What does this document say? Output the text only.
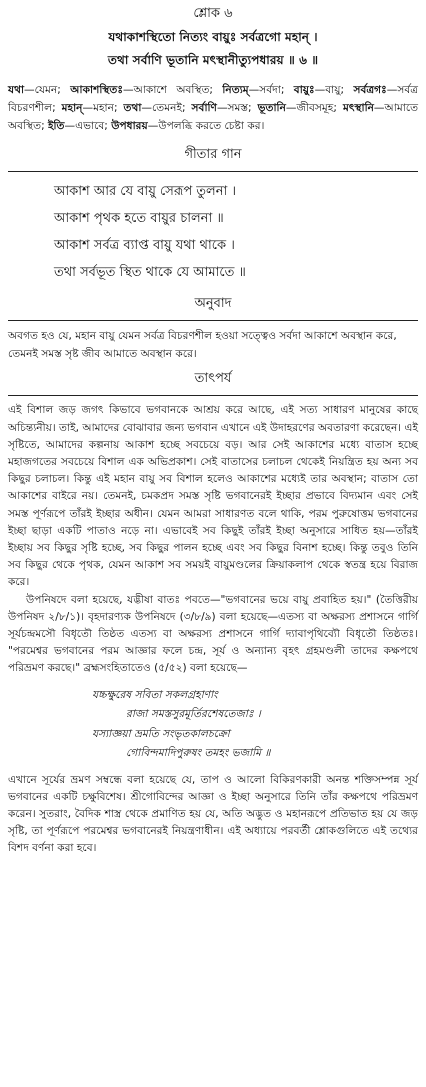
শ্লোক ৬

যথাকাশস্থিতো নিত্যং বায়ুঃ সর্বত্রগো মহান্ ।

তথা সর্বাণি ভূতানি মৎস্থানীত্যুপধারয় ॥ ৬ ॥

যথা—যেমন; আকাশস্থিতঃ—আকাশে অবস্থিত; নিত্যম্—সর্বদা; বায়ুঃ—বায়ু; সর্বত্রগঃ—সর্বত্র বিচরণশীল; মহান্—মহান; তথা—তেমনই; সর্বাণি—সমস্ত; ভূতানি—জীবসমূহ; মৎস্থানি—আমাতে অবস্থিত; ইতি—এভাবে; উপধারয়—উপলব্ধি করতে চেষ্টা কর।

গীতার গান

আকাশ আর যে বায়ু সেরূপ তুলনা ।
আকাশ পৃথক হতে বায়ুর চালনা ॥
আকাশ সর্বত্র ব্যাপ্ত বায়ু যথা থাকে ।
তথা সর্বভূত স্থিত থাকে যে আমাতে ॥

অনুবাদ

অবগত হও যে, মহান বায়ু যেমন সর্বত্র বিচরণশীল হওয়া সত্ত্বেও সর্বদা আকাশে অবস্থান করে, তেমনই সমস্ত সৃষ্ট জীব আমাতে অবস্থান করে।

তাৎপর্য

এই বিশাল জড় জগৎ কিভাবে ভগবানকে আশ্রয় করে আছে, এই সত্য সাধারণ মানুষের কাছে অচিন্ত্যনীয়। তাই, আমাদের বোঝাবার জন্য ভগবান এখানে এই উদাহরণের অবতারণা করেছেন। এই সৃষ্টিতে, আমাদের কল্পনায় আকাশ হচ্ছে সবচেয়ে বড়। আর সেই আকাশের মধ্যে বাতাস হচ্ছে মহাজগতের সবচেয়ে বিশাল এক অভিপ্রকাশ। সেই বাতাসের চলাচল থেকেই নিয়ন্ত্রিত হয় অন্য সব কিছুর চলাচল। কিন্তু এই মহান বায়ু সব বিশাল হলেও আকাশের মধ্যেই তার অবস্থান; বাতাস তো আকাশের বাইরে নয়। তেমনই, চমকপ্রদ সমস্ত সৃষ্টি ভগবানেরই ইচ্ছার প্রভাবে বিদ্যমান এবং সেই সমস্ত পূর্ণরূপে তাঁরই ইচ্ছার অধীন। যেমন আমরা সাধারণত বলে থাকি, পরম পুরুষোত্তম ভগবানের ইচ্ছা ছাড়া একটি পাতাও নড়ে না। এভাবেই সব কিছুই তাঁরই ইচ্ছা অনুসারে সাধিত হয়—তাঁরই ইচ্ছায় সব কিছুর সৃষ্টি হচ্ছে, সব কিছুর পালন হচ্ছে এবং সব কিছুর বিনাশ হচ্ছে। কিন্তু তবুও তিনি সব কিছুর থেকে পৃথক, যেমন আকাশ সব সময়ই বায়ুমণ্ডলের ক্রিয়াকলাপ থেকে স্বতন্ত্র হয়ে বিরাজ করে।

উপনিষদে বলা হয়েছে, যদ্ভীষা বাতঃ পবতে—"ভগবানের ভয়ে বায়ু প্রবাহিত হয়।" (তৈত্তিরীয় উপনিষদ ২/৮/১)। বৃহদারণ্যক উপনিষদে (৩/৮/৯) বলা হয়েছে—এতস্য বা অক্ষরস্য প্রশাসনে গার্গি সূর্যচন্দ্রমসৌ বিধৃতৌ তিষ্ঠত এতস্য বা অক্ষরস্য প্রশাসনে গার্গি দ্যাবাপৃথিব্যৌ বিধৃতৌ তিষ্ঠতঃ। "পরমেশ্বর ভগবানের পরম আজ্ঞার ফলে চন্দ্র, সূর্য ও অন্যান্য বৃহৎ গ্রহমণ্ডলী তাদের কক্ষপথে পরিভ্রমণ করছে।" ব্রহ্মসংহিতাতেও (৫/৫২) বলা হয়েছে—

যচ্চক্ষুরেষ সবিতা সকলগ্রহাণাং
রাজা সমস্তসুরমূর্তিরশেষতেজাঃ ।
যস্যাজ্ঞয়া ভ্রমতি সংভৃতকালচক্রো
গোবিন্দমাদিপুরুষং তমহং ভজামি ॥

এখানে সূর্যের ভ্রমণ সম্বন্ধে বলা হয়েছে যে, তাপ ও আলো বিকিরণকারী অনন্ত শক্তিসম্পন্ন সূর্য ভগবানের একটি চক্ষুবিশেষ। শ্রীগোবিন্দের আজ্ঞা ও ইচ্ছা অনুসারে তিনি তাঁর কক্ষপথে পরিভ্রমণ করেন। সুতরাং, বৈদিক শাস্ত্র থেকে প্রমাণিত হয় যে, অতি অদ্ভুত ও মহানরূপে প্রতিভাত হয় যে জড় সৃষ্টি, তা পূর্ণরূপে পরমেশ্বর ভগবানেরই নিয়ন্ত্রণাধীন। এই অধ্যায়ে পরবর্তী শ্লোকগুলিতে এই তথ্যের বিশদ বর্ণনা করা হবে।
